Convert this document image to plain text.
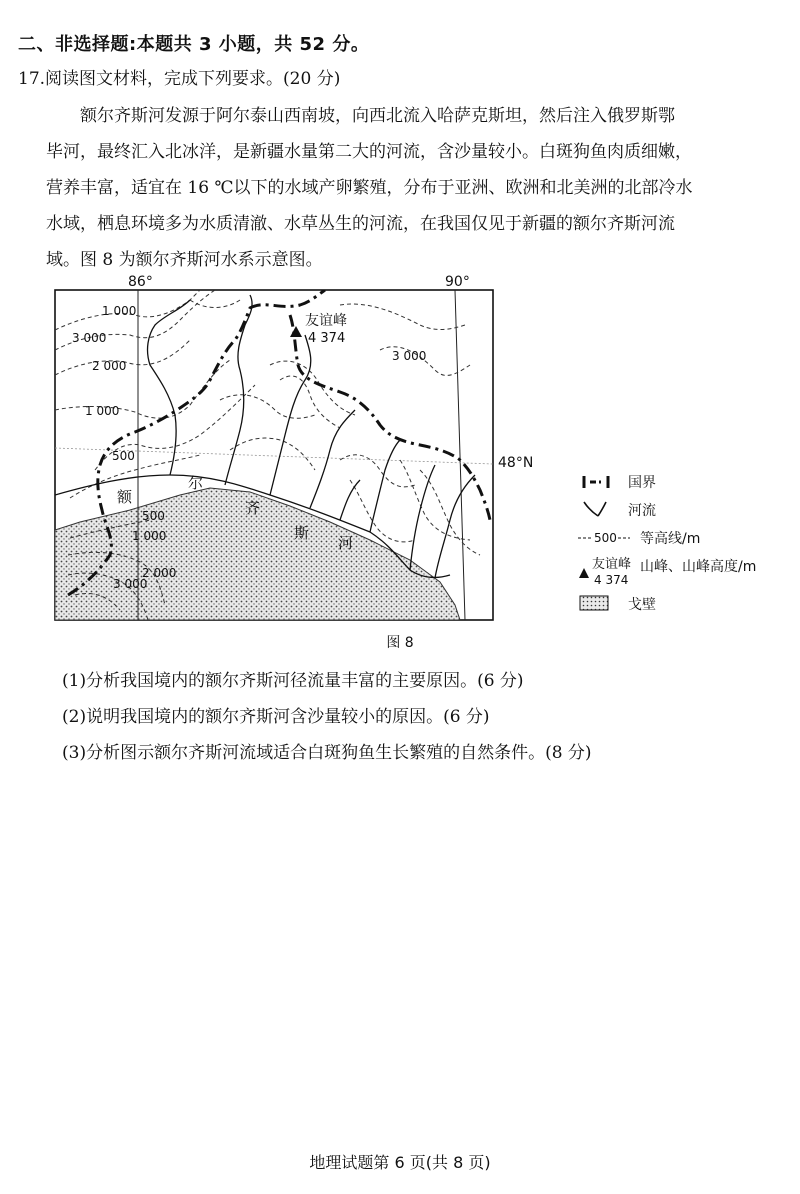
二、非选择题:本题共 3 小题，共 52 分。
17.阅读图文材料，完成下列要求。(20 分)
额尔齐斯河发源于阿尔泰山西南坡，向西北流入哈萨克斯坦，然后注入俄罗斯鄂
毕河，最终汇入北冰洋，是新疆水量第二大的河流，含沙量较小。白斑狗鱼肉质细嫩，
营养丰富，适宜在 16 ℃以下的水域产卵繁殖，分布于亚洲、欧洲和北美洲的北部冷水
水域，栖息环境多为水质清澈、水草丛生的河流，在我国仅见于新疆的额尔齐斯河流
域。图 8 为额尔齐斯河水系示意图。
86°	90°
48°N
友谊峰
4 374
1 000
3 000
2 000
1 000
500
3 000
500
1 000
2 000
3 000
额
尔
齐
斯
河
国界
河流
500 等高线/m
友谊峰
4 374
山峰、山峰高度/m
戈壁
图 8
(1)分析我国境内的额尔齐斯河径流量丰富的主要原因。(6 分)
(2)说明我国境内的额尔齐斯河含沙量较小的原因。(6 分)
(3)分析图示额尔齐斯河流域适合白斑狗鱼生长繁殖的自然条件。(8 分)
地理试题第 6 页(共 8 页)
